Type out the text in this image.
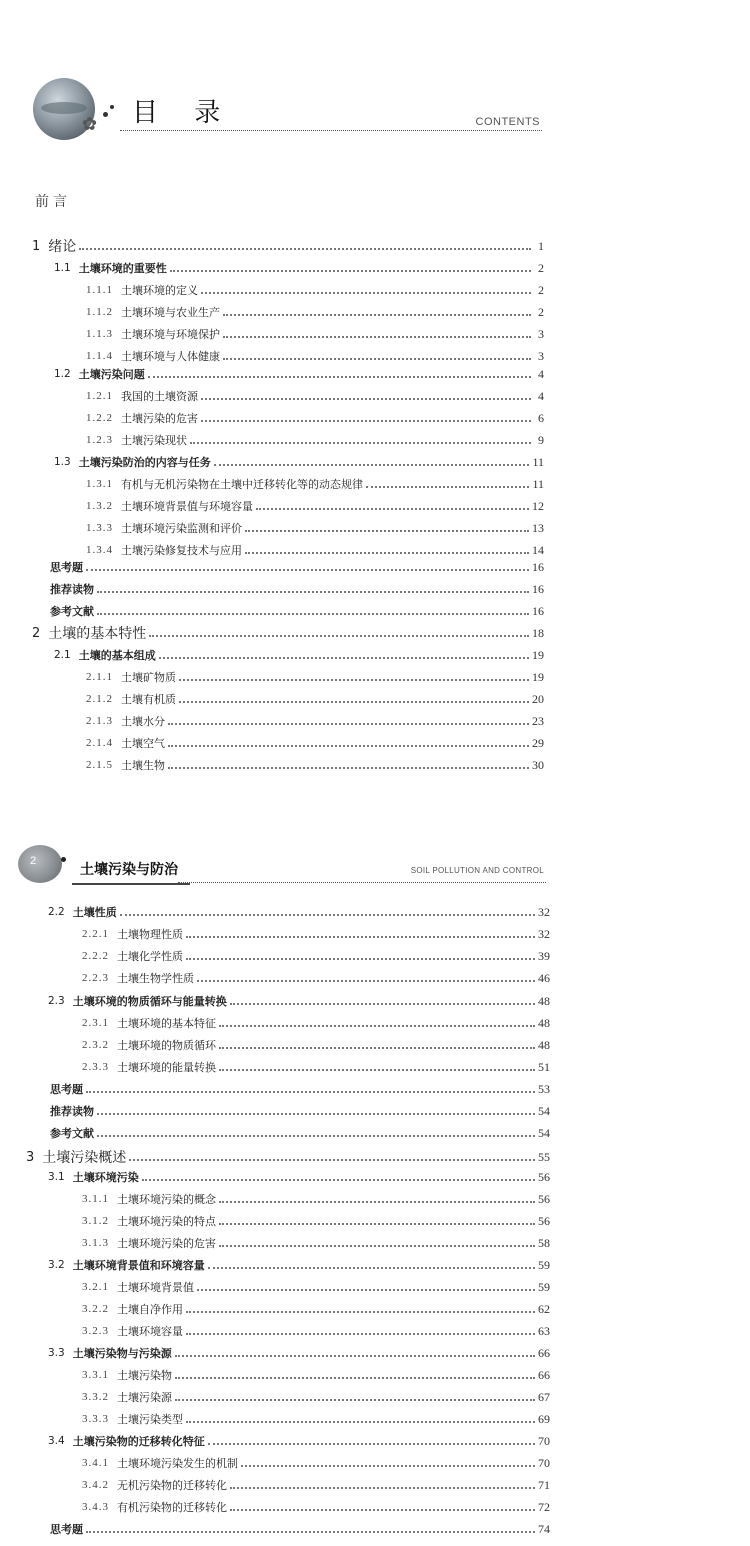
✿ 目 录	CONTENTS
前言
1 绪论	1
1.1 土壤环境的重要性	2
1.1.1 土壤环境的定义	2
1.1.2 土壤环境与农业生产	2
1.1.3 土壤环境与环境保护	3
1.1.4 土壤环境与人体健康	3
1.2 土壤污染问题	4
1.2.1 我国的土壤资源	4
1.2.2 土壤污染的危害	6
1.2.3 土壤污染现状	9
1.3 土壤污染防治的内容与任务	11
1.3.1 有机与无机污染物在土壤中迁移转化等的动态规律	11
1.3.2 土壤环境背景值与环境容量	12
1.3.3 土壤环境污染监测和评价	13
1.3.4 土壤污染修复技术与应用	14
思考题	16
推荐读物	16
参考文献	16
2 土壤的基本特性	18
2.1 土壤的基本组成	19
2.1.1 土壤矿物质	19
2.1.2 土壤有机质	20
2.1.3 土壤水分	23
2.1.4 土壤空气	29
2.1.5 土壤生物	30
2
土壤污染与防治	SOIL POLLUTION AND CONTROL
2.2 土壤性质	32
2.2.1 土壤物理性质	32
2.2.2 土壤化学性质	39
2.2.3 土壤生物学性质	46
2.3 土壤环境的物质循环与能量转换	48
2.3.1 土壤环境的基本特征	48
2.3.2 土壤环境的物质循环	48
2.3.3 土壤环境的能量转换	51
思考题	53
推荐读物	54
参考文献	54
3 土壤污染概述	55
3.1 土壤环境污染	56
3.1.1 土壤环境污染的概念	56
3.1.2 土壤环境污染的特点	56
3.1.3 土壤环境污染的危害	58
3.2 土壤环境背景值和环境容量	59
3.2.1 土壤环境背景值	59
3.2.2 土壤自净作用	62
3.2.3 土壤环境容量	63
3.3 土壤污染物与污染源	66
3.3.1 土壤污染物	66
3.3.2 土壤污染源	67
3.3.3 土壤污染类型	69
3.4 土壤污染物的迁移转化特征	70
3.4.1 土壤环境污染发生的机制	70
3.4.2 无机污染物的迁移转化	71
3.4.3 有机污染物的迁移转化	72
思考题	74
